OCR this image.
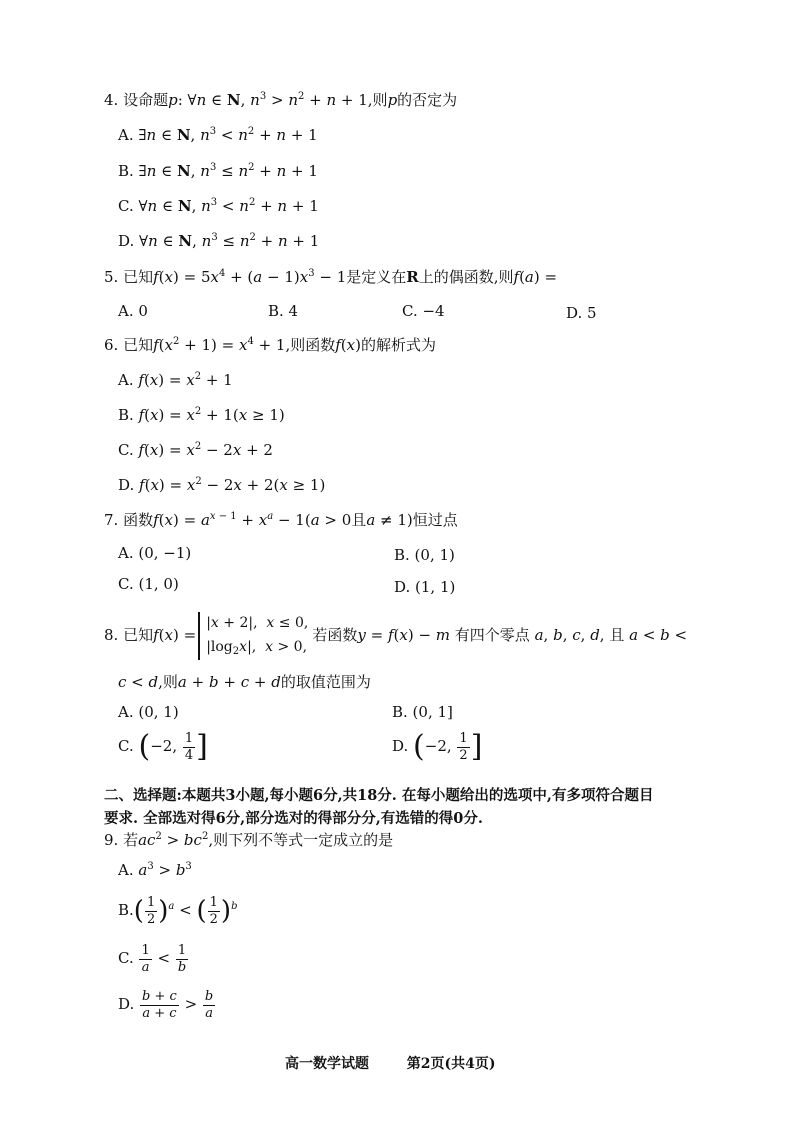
4. 设命题p: ∀n ∈ N, $n^3 > n^2 + n + 1$,则p的否定为
A. ∃n ∈ N, $n^3 < n^2 + n + 1$
B. ∃n ∈ N, $n^3 \le n^2 + n + 1$
C. ∀n ∈ N, $n^3 < n^2 + n + 1$
D. ∀n ∈ N, $n^3 \le n^2 + n + 1$
5. 已知$f(x) = 5x^4 + (a - 1)x^3 - 1$是定义在R上的偶函数,则f(a) =
A. 0	B. 4	C. −4	D. 5
6. 已知$f(x^2 + 1) = x^4 + 1$,则函数f(x)的解析式为
A. $f(x) = x^2 + 1$
B. $f(x) = x^2 + 1(x \ge 1)$
C. $f(x) = x^2 - 2x + 2$
D. $f(x) = x^2 - 2x + 2(x \ge 1)$
7. 函数$f(x) = a^{x - 1} + x^a - 1(a > 0$且a ≠ 1)恒过点
A. (0, −1)	B. (0, 1)
C. (1, 0)	D. (1, 1)
8. 已知f(x) =|x + 2|,  x ≤ 0,
$|\log_2x|$,  x > 0,若函数y = f(x) − m 有四个零点 a, b, c, d, 且 a < b <
c < d,则a + b + c + d的取值范围为
A. (0, 1)	B. (0, 1]
C. (−2, $\frac{1}{4}$ ]	D. (−2, $\frac{1}{2}$ ]
二、选择题:本题共3小题,每小题6分,共18分. 在每小题给出的选项中,有多项符合题目
要求. 全部选对得6分,部分选对的得部分分,有选错的得0分.
9. 若$ac^2 > bc^2$,则下列不等式一定成立的是
A. $a^3 > b^3$
$B.( \frac{1}{2} )^a$ < ( $\frac{1}{2} )^b$
C. $\frac{1}{a} < \frac{1}{b}$
D. $\frac{b + c}{a + c} > \frac{b}{a}$
高一数学试题	第2页(共4页)
